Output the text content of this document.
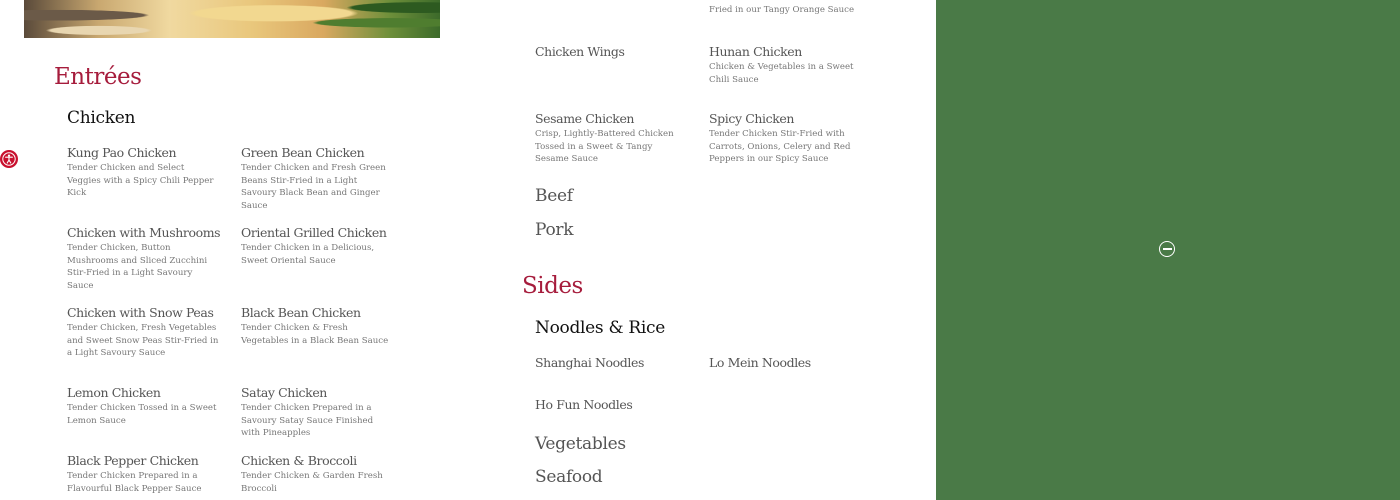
Entrées
Chicken
Kung Pao Chicken
Tender Chicken and Select Veggies with a Spicy Chili Pepper Kick
Green Bean Chicken
Tender Chicken and Fresh Green Beans Stir-Fried in a Light Savoury Black Bean and Ginger Sauce
Chicken with Mushrooms
Tender Chicken, Button Mushrooms and Sliced Zucchini Stir-Fried in a Light Savoury Sauce
Oriental Grilled Chicken
Tender Chicken in a Delicious, Sweet Oriental Sauce
Chicken with Snow Peas
Tender Chicken, Fresh Vegetables and Sweet Snow Peas Stir-Fried in a Light Savoury Sauce
Black Bean Chicken
Tender Chicken & Fresh Vegetables in a Black Bean Sauce
Lemon Chicken
Tender Chicken Tossed in a Sweet Lemon Sauce
Satay Chicken
Tender Chicken Prepared in a Savoury Satay Sauce Finished with Pineapples
Black Pepper Chicken
Tender Chicken Prepared in a Flavourful Black Pepper Sauce
Chicken & Broccoli
Tender Chicken & Garden Fresh Broccoli
Fried in our Tangy Orange Sauce
Chicken Wings	Hunan Chicken
Chicken & Vegetables in a Sweet Chili Sauce
Sesame Chicken
Crisp, Lightly-Battered Chicken Tossed in a Sweet & Tangy Sesame Sauce
Spicy Chicken
Tender Chicken Stir-Fried with Carrots, Onions, Celery and Red Peppers in our Spicy Sauce
Beef
Pork
Sides
Noodles & Rice
Shanghai Noodles	Lo Mein Noodles
Ho Fun Noodles
Vegetables
Seafood
